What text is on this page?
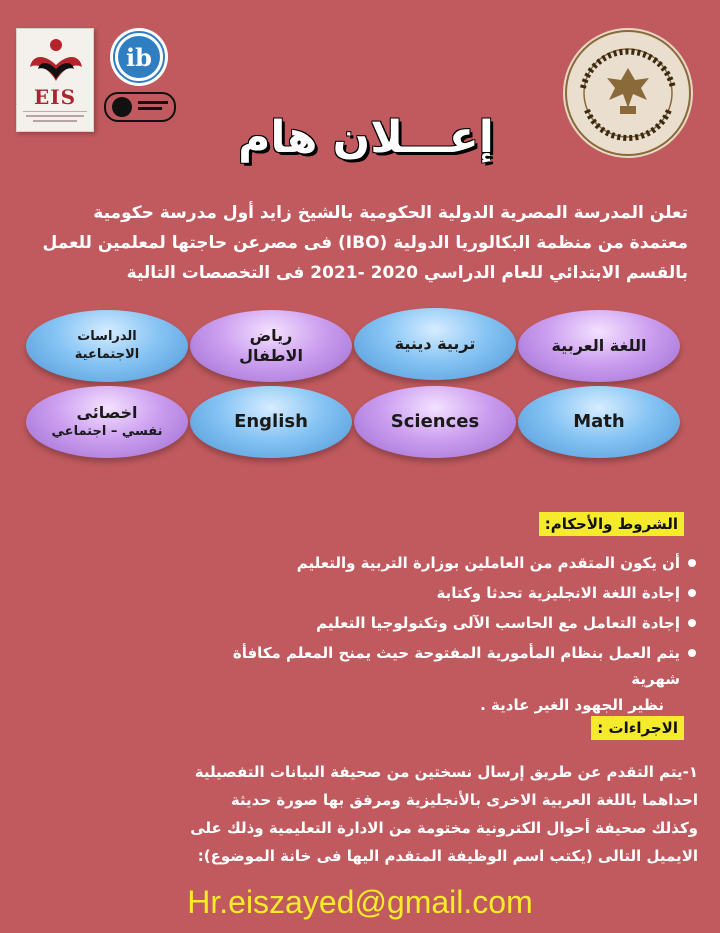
EIS
ib
إعـــلان هام

تعلن المدرسة المصرية الدولية الحكومية بالشيخ زايد أول مدرسة حكومية

معتمدة من منظمة البكالوريا الدولية (IBO) فى مصرعن حاجتها لمعلمين للعمل

بالقسم الابتدائي للعام الدراسي 2020 -2021 فى التخصصات التالية

اللغة العربية
تربية دينية
رياض
الاطفال
الدراسات
الاجتماعية
Math
Sciences
English
اخصائى
نفسي – اجتماعي
الشروط والأحكام:
أن يكون المتقدم من العاملين بوزارة التربية والتعليم
إجادة اللغة الانجليزية تحدثا وكتابة
إجادة التعامل مع الحاسب الآلى وتكنولوجيا التعليم
يتم العمل بنظام المأمورية المفتوحة حيث يمنح المعلم مكافأة شهرية
نظير الجهود الغير عادية .
الاجراءات :

١-يتم التقدم عن طريق إرسال نسختين من صحيفة البيانات التفصيلية

احداهما باللغة العربية الاخرى بالأنجليزية ومرفق بها صورة حديثة

وكذلك صحيفة أحوال الكترونية مختومة من الادارة التعليمية وذلك على

الايميل التالى (يكتب اسم الوظيفة المتقدم اليها فى خانة الموضوع):

Hr.eiszayed@gmail.com
